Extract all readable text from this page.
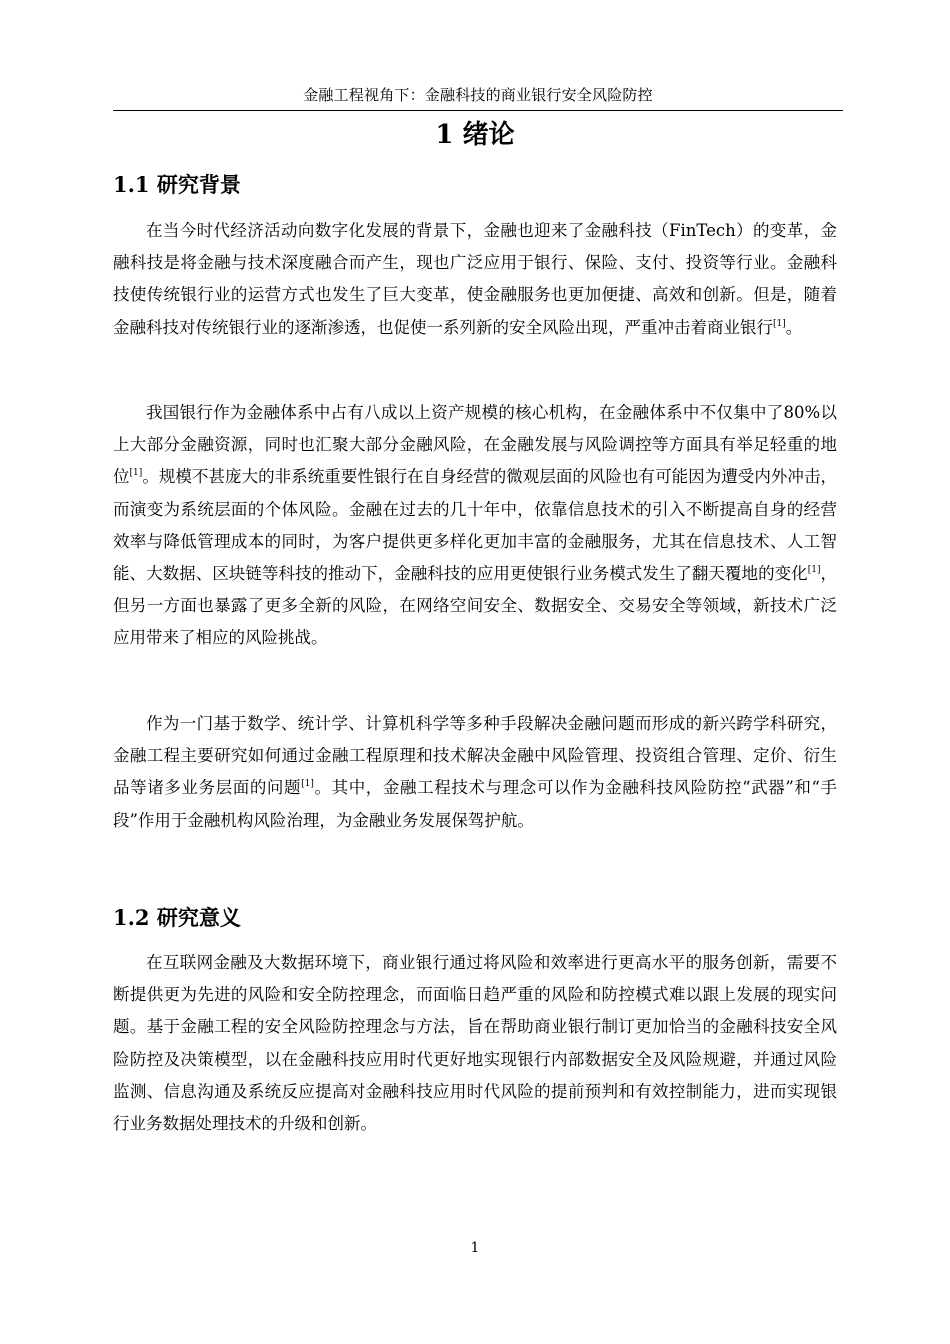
金融工程视角下：金融科技的商业银行安全风险防控
1 绪论
1.1 研究背景

在当今时代经济活动向数字化发展的背景下，金融也迎来了金融科技（FinTech）的变革，金融科技是将金融与技术深度融合而产生，现也广泛应用于银行、保险、支付、投资等行业。金融科技使传统银行业的运营方式也发生了巨大变革，使金融服务也更加便捷、高效和创新。但是，随着金融科技对传统银行业的逐渐渗透，也促使一系列新的安全风险出现，严重冲击着商业银行[1]。

我国银行作为金融体系中占有八成以上资产规模的核心机构，在金融体系中不仅集中了80%以上大部分金融资源，同时也汇聚大部分金融风险，在金融发展与风险调控等方面具有举足轻重的地位[1]。规模不甚庞大的非系统重要性银行在自身经营的微观层面的风险也有可能因为遭受内外冲击，而演变为系统层面的个体风险。金融在过去的几十年中，依靠信息技术的引入不断提高自身的经营效率与降低管理成本的同时，为客户提供更多样化更加丰富的金融服务，尤其在信息技术、人工智能、大数据、区块链等科技的推动下，金融科技的应用更使银行业务模式发生了翻天覆地的变化[1]，但另一方面也暴露了更多全新的风险，在网络空间安全、数据安全、交易安全等领域，新技术广泛应用带来了相应的风险挑战。

作为一门基于数学、统计学、计算机科学等多种手段解决金融问题而形成的新兴跨学科研究，金融工程主要研究如何通过金融工程原理和技术解决金融中风险管理、投资组合管理、定价、衍生品等诸多业务层面的问题[1]。其中，金融工程技术与理念可以作为金融科技风险防控“武器”和“手段”作用于金融机构风险治理，为金融业务发展保驾护航。

1.2 研究意义

在互联网金融及大数据环境下，商业银行通过将风险和效率进行更高水平的服务创新，需要不断提供更为先进的风险和安全防控理念，而面临日趋严重的风险和防控模式难以跟上发展的现实问题。基于金融工程的安全风险防控理念与方法，旨在帮助商业银行制订更加恰当的金融科技安全风险防控及决策模型，以在金融科技应用时代更好地实现银行内部数据安全及风险规避，并通过风险监测、信息沟通及系统反应提高对金融科技应用时代风险的提前预判和有效控制能力，进而实现银行业务数据处理技术的升级和创新。

1
